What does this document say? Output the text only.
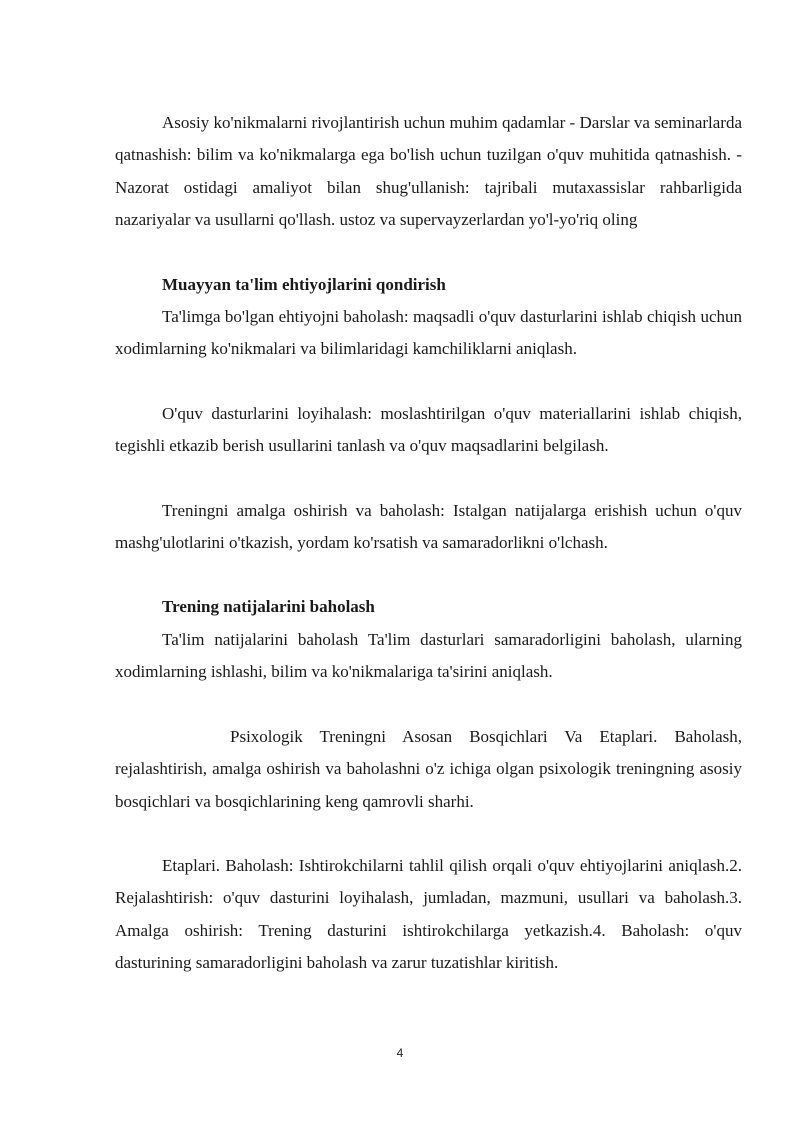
Asosiy ko'nikmalarni rivojlantirish uchun muhim qadamlar - Darslar va seminarlarda qatnashish: bilim va ko'nikmalarga ega bo'lish uchun tuzilgan o'quv muhitida qatnashish. - Nazorat ostidagi amaliyot bilan shug'ullanish: tajribali mutaxassislar rahbarligida nazariyalar va usullarni qo'llash. ustoz va supervayzerlardan yo'l-yo'riq oling

Muayyan ta'lim ehtiyojlarini qondirish

Ta'limga bo'lgan ehtiyojni baholash: maqsadli o'quv dasturlarini ishlab chiqish uchun xodimlarning ko'nikmalari va bilimlaridagi kamchiliklarni aniqlash.

O'quv dasturlarini loyihalash: moslashtirilgan o'quv materiallarini ishlab chiqish, tegishli etkazib berish usullarini tanlash va o'quv maqsadlarini belgilash.

Treningni amalga oshirish va baholash: Istalgan natijalarga erishish uchun o'quv mashg'ulotlarini o'tkazish, yordam ko'rsatish va samaradorlikni o'lchash.

Trening natijalarini baholash

Ta'lim natijalarini baholash Ta'lim dasturlari samaradorligini baholash, ularning xodimlarning ishlashi, bilim va ko'nikmalariga ta'sirini aniqlash.

Psixologik Treningni Asosan Bosqichlari Va Etaplari. Baholash, rejalashtirish, amalga oshirish va baholashni o'z ichiga olgan psixologik treningning asosiy bosqichlari va bosqichlarining keng qamrovli sharhi.

Etaplari. Baholash: Ishtirokchilarni tahlil qilish orqali o'quv ehtiyojlarini aniqlash.2. Rejalashtirish: o'quv dasturini loyihalash, jumladan, mazmuni, usullari va baholash.3. Amalga oshirish: Trening dasturini ishtirokchilarga yetkazish.4. Baholash: o'quv dasturining samaradorligini baholash va zarur tuzatishlar kiritish.

4
